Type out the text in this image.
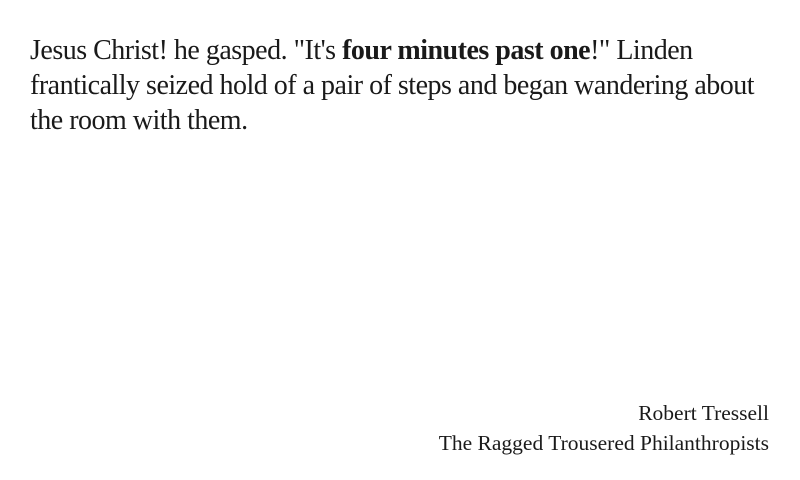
Jesus Christ! he gasped. "It's four minutes past one!" Linden frantically seized hold of a pair of steps and began wandering about the room with them.

Robert Tressell
The Ragged Trousered Philanthropists
